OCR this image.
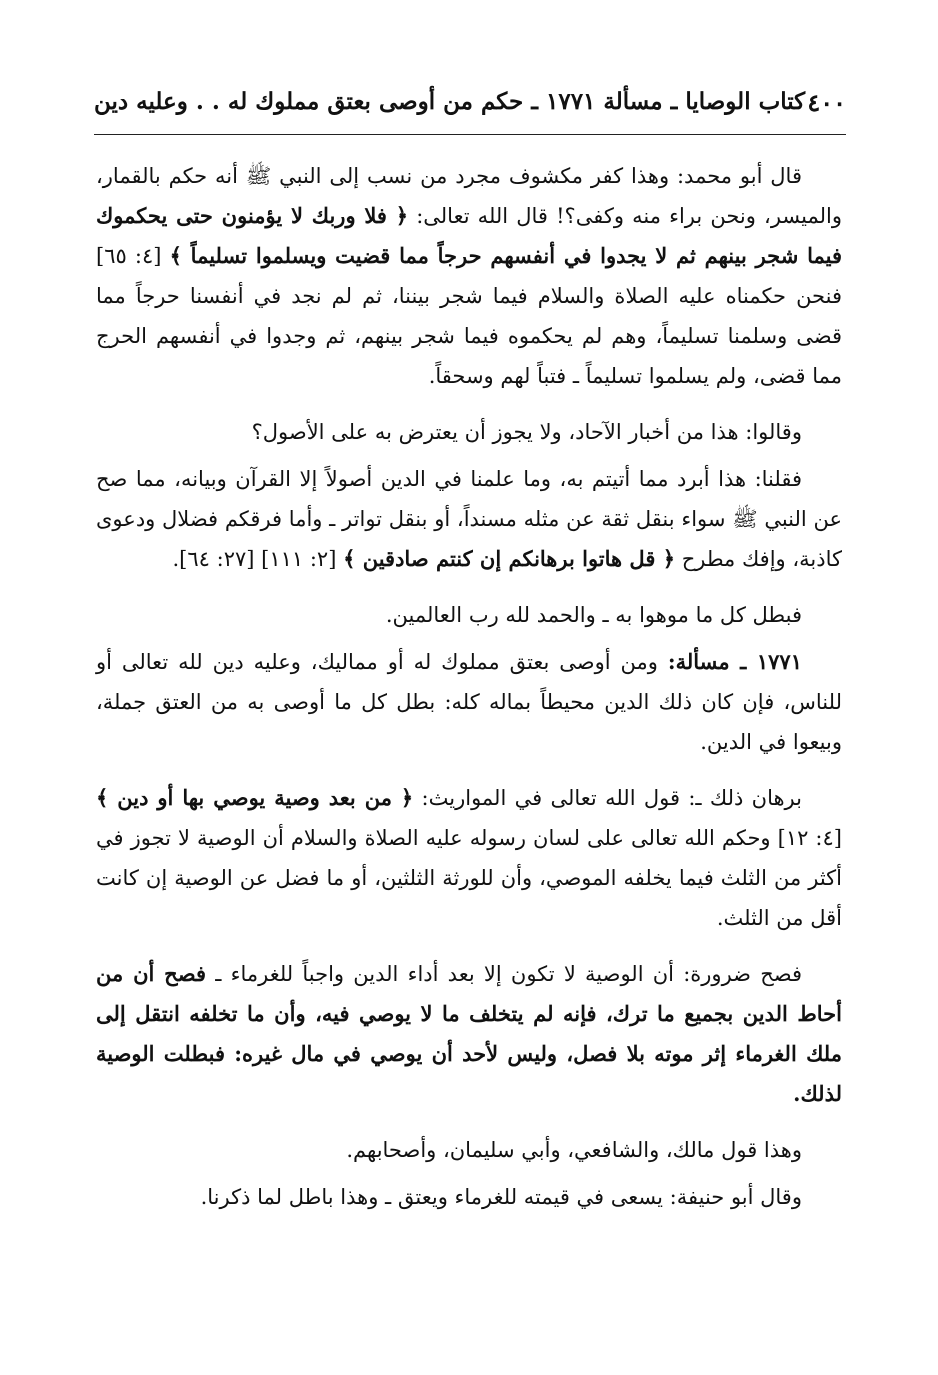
٤٠٠
كتاب الوصايا ـ مسألة ١٧٧١ ـ حكم من أوصى بعتق مملوك له . . وعليه دين

قال أبو محمد: وهذا كفر مكشوف مجرد من نسب إلى النبي ﷺ أنه حكم بالقمار، والميسر، ونحن براء منه وكفى؟! قال الله تعالى: ﴿ فلا وربك لا يؤمنون حتى يحكموك فيما شجر بينهم ثم لا يجدوا في أنفسهم حرجاً مما قضيت ويسلموا تسليماً ﴾ [٤: ٦٥] فنحن حكمناه عليه الصلاة والسلام فيما شجر بيننا، ثم لم نجد في أنفسنا حرجاً مما قضى وسلمنا تسليماً، وهم لم يحكموه فيما شجر بينهم، ثم وجدوا في أنفسهم الحرج مما قضى، ولم يسلموا تسليماً ـ فتباً لهم وسحقاً.

وقالوا: هذا من أخبار الآحاد، ولا يجوز أن يعترض به على الأصول؟

فقلنا: هذا أبرد مما أتيتم به، وما علمنا في الدين أصولاً إلا القرآن وبيانه، مما صح عن النبي ﷺ سواء بنقل ثقة عن مثله مسنداً، أو بنقل تواتر ـ وأما فرقكم فضلال ودعوى كاذبة، وإفك مطرح ﴿ قل هاتوا برهانكم إن كنتم صادقين ﴾ [٢: ١١١] [٢٧: ٦٤].

فبطل كل ما موهوا به ـ والحمد لله رب العالمين.

١٧٧١ ـ مسألة: ومن أوصى بعتق مملوك له أو مماليك، وعليه دين لله تعالى أو للناس، فإن كان ذلك الدين محيطاً بماله كله: بطل كل ما أوصى به من العتق جملة، وبيعوا في الدين.

برهان ذلك ـ: قول الله تعالى في المواريث: ﴿ من بعد وصية يوصي بها أو دين ﴾ [٤: ١٢] وحكم الله تعالى على لسان رسوله عليه الصلاة والسلام أن الوصية لا تجوز في أكثر من الثلث فيما يخلفه الموصي، وأن للورثة الثلثين، أو ما فضل عن الوصية إن كانت أقل من الثلث.

فصح ضرورة: أن الوصية لا تكون إلا بعد أداء الدين واجباً للغرماء ـ فصح أن من أحاط الدين بجميع ما ترك، فإنه لم يتخلف ما لا يوصي فيه، وأن ما تخلفه انتقل إلى ملك الغرماء إثر موته بلا فصل، وليس لأحد أن يوصي في مال غيره: فبطلت الوصية لذلك.

وهذا قول مالك، والشافعي، وأبي سليمان، وأصحابهم.

وقال أبو حنيفة: يسعى في قيمته للغرماء ويعتق ـ وهذا باطل لما ذكرنا.
